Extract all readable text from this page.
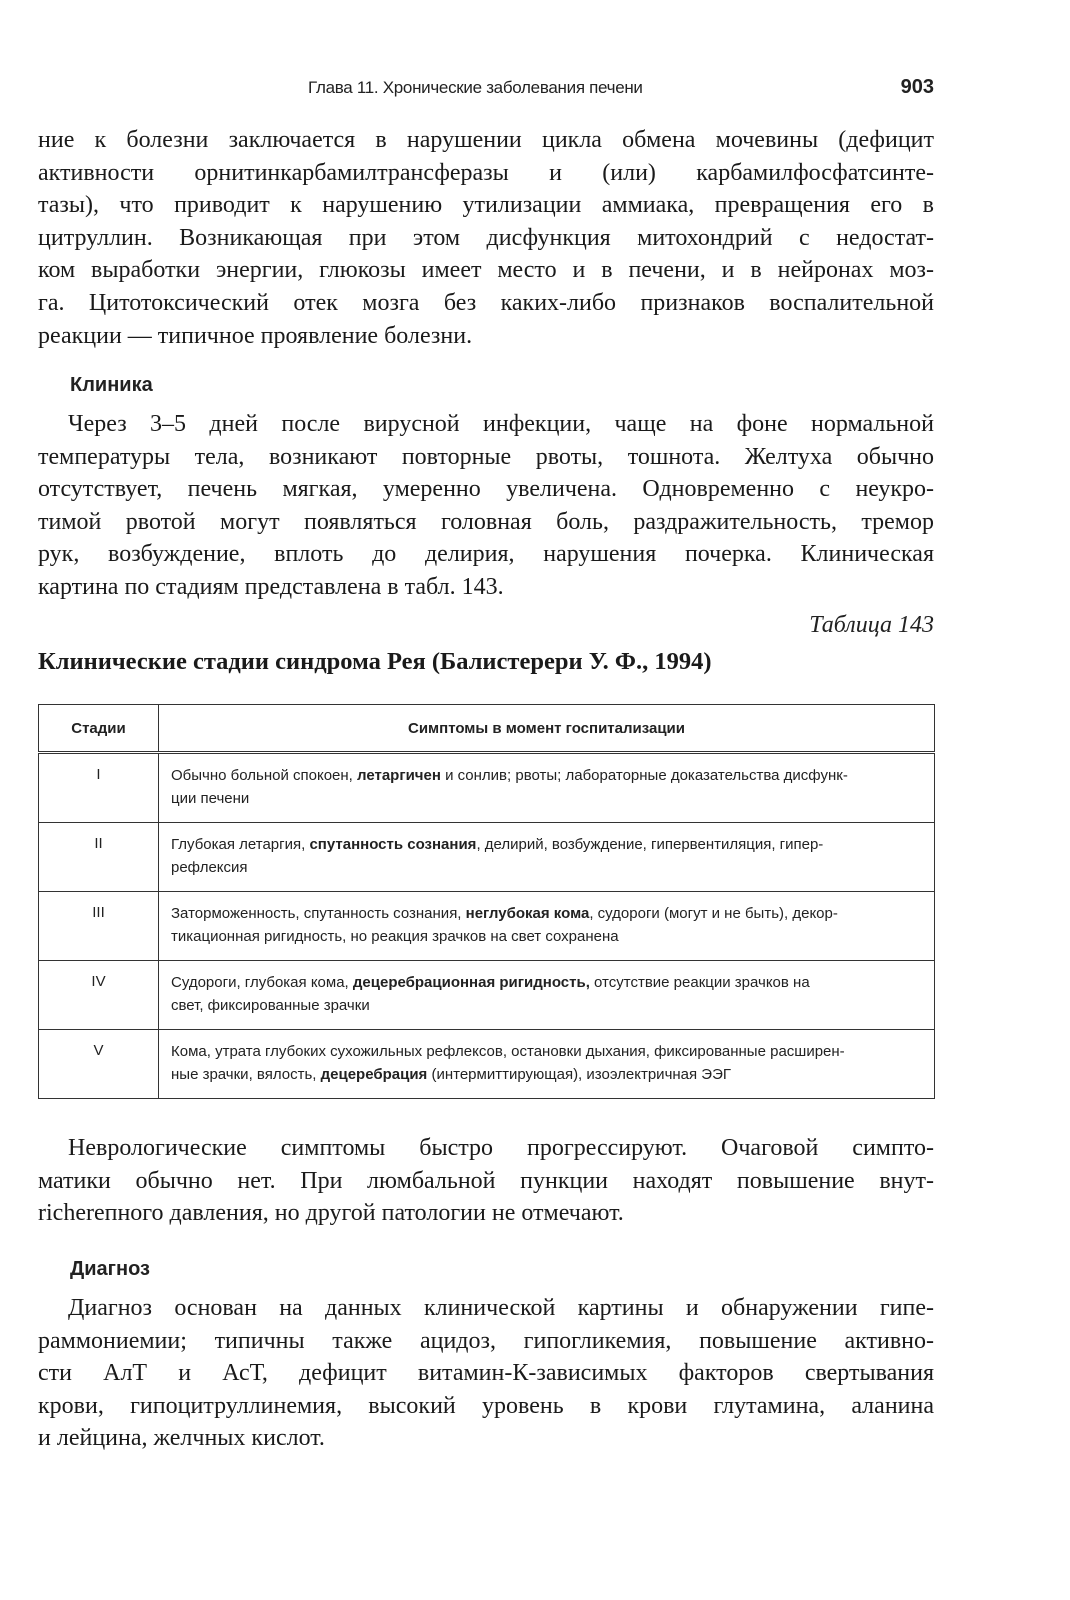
Глава 11. Хронические заболевания печени	903

ние к болезни заключается в нарушении цикла обмена мочевины (дефицит
активности орнитинкарбамилтрансферазы и (или) карбамилфосфатсинте-
тазы), что приводит к нарушению утилизации аммиака, превращения его в
цитруллин. Возникающая при этом дисфункция митохондрий с недостат-
ком выработки энергии, глюкозы имеет место и в печени, и в нейронах моз-
га. Цитотоксический отек мозга без каких-либо признаков воспалительной
реакции — типичное проявление болезни.

Клиника

Через 3–5 дней после вирусной инфекции, чаще на фоне нормальной
температуры тела, возникают повторные рвоты, тошнота. Желтуха обычно
отсутствует, печень мягкая, умеренно увеличена. Одновременно с неукро-
тимой рвотой могут появляться головная боль, раздражительность, тремор
рук, возбуждение, вплоть до делирия, нарушения почерка. Клиническая
картина по стадиям представлена в табл. 143.

Таблица 143
Клинические стадии синдрома Рея (Балистерери У. Ф., 1994)
Стадии	Симптомы в момент госпитализации
I	Обычно больной спокоен, летаргичен и сонлив; рвоты; лабораторные доказательства дисфунк-
ции печени
II	Глубокая летаргия, спутанность сознания, делирий, возбуждение, гипервентиляция, гипер-
рефлексия
III	Заторможенность, спутанность сознания, неглубокая кома, судороги (могут и не быть), декор-
тикационная ригидность, но реакция зрачков на свет сохранена
IV	Судороги, глубокая кома, децеребрационная ригидность, отсутствие реакции зрачков на
свет, фиксированные зрачки
V	Кома, утрата глубоких сухожильных рефлексов, остановки дыхания, фиксированные расширен-
ные зрачки, вялость, децеребрация (интермиттирующая), изоэлектричная ЭЭГ

Неврологические симптомы быстро прогрессируют. Очаговой симпто-
матики обычно нет. При люмбальной пункции находят повышение внут-
richerепного давления, но другой патологии не отмечают.

Диагноз

Диагноз основан на данных клинической картины и обнаружении гипе-
раммониемии; типичны также ацидоз, гипогликемия, повышение активно-
сти АлТ и АсТ, дефицит витамин-К-зависимых факторов свертывания
крови, гипоцитруллинемия, высокий уровень в крови глутамина, аланина
и лейцина, желчных кислот.
